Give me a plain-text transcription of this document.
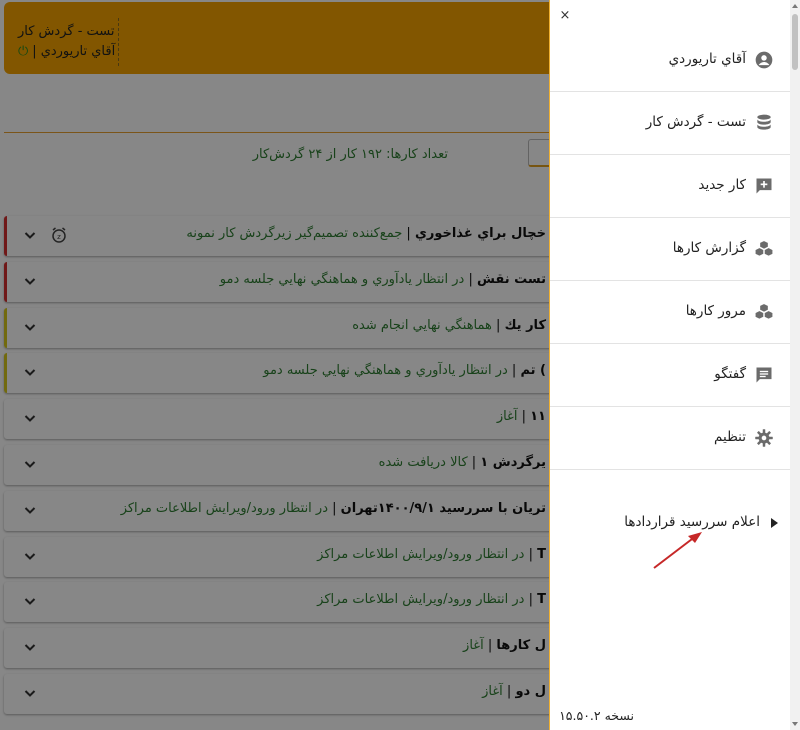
تست - گردش كار
آقاي تاريوردي
|
⏻
تعداد كارها: ۱۹۲ كار از ۲۴ گردش‌كار
z	خچال براي غذاخوري | جمع‌كننده تصميم‌گير زيرگردش كار نمونه
تست نقش | در انتظار يادآوري و هماهنگي نهايي جلسه دمو
كار يك | هماهنگي نهايي انجام شده
) تم | در انتظار يادآوري و هماهنگي نهايي جلسه دمو
۱۱ | آغاز
يرگردش ۱ | كالا دريافت شده
تريان با سررسيد ۱۴۰۰/۹/۱تهران | در انتظار ورود/ويرايش اطلاعات مراكز
T | در انتظار ورود/ويرايش اطلاعات مراكز
T | در انتظار ورود/ويرايش اطلاعات مراكز
ل كارها | آغاز
ل دو | آغاز
×
آقاي تاريوردي
تست - گردش كار
كار جديد
گزارش كارها
مرور كارها
گفتگو
تنظيم
اعلام سررسيد قراردادها
نسخه ۱۵.۵۰.۲
